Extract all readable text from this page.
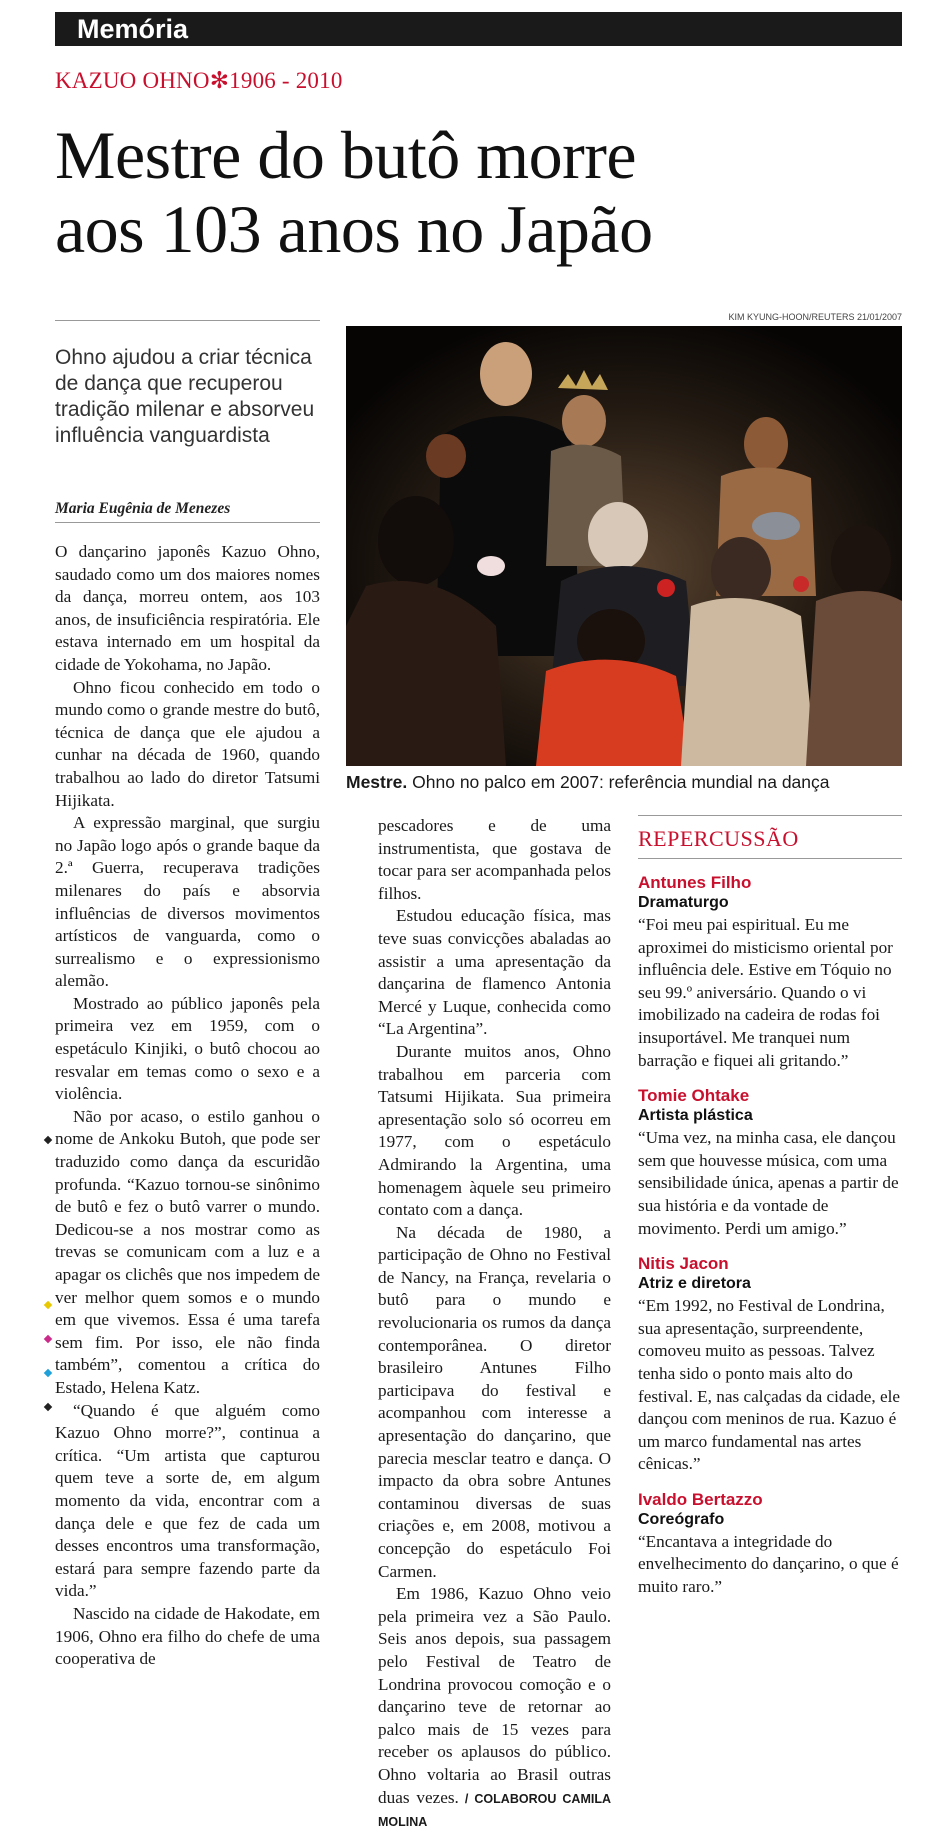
Memória
KAZUO OHNO✻1906 - 2010
Mestre do butô morre
aos 103 anos no Japão
Ohno ajudou a criar técnica de dança que recuperou tradição milenar e absorveu influência vanguardista
Maria Eugênia de Menezes
KIM KYUNG-HOON/REUTERS 21/01/2007
Mestre. Ohno no palco em 2007: referência mundial na dança

O dançarino japonês Kazuo Ohno, saudado como um dos maiores nomes da dança, morreu ontem, aos 103 anos, de insuficiência respiratória. Ele estava internado em um hospital da cidade de Yokohama, no Japão.

Ohno ficou conhecido em todo o mundo como o grande mestre do butô, técnica de dança que ele ajudou a cunhar na década de 1960, quando trabalhou ao lado do diretor Tatsumi Hijikata.

A expressão marginal, que surgiu no Japão logo após o grande baque da 2.ª Guerra, recuperava tradições milenares do país e absorvia influências de diversos movimentos artísticos de vanguarda, como o surrealismo e o expressionismo alemão.

Mostrado ao público japonês pela primeira vez em 1959, com o espetáculo Kinjiki, o butô chocou ao resvalar em temas como o sexo e a violência.

Não por acaso, o estilo ganhou o nome de Ankoku Butoh, que pode ser traduzido como dança da escuridão profunda. “Kazuo tornou-se sinônimo de butô e fez o butô varrer o mundo. Dedicou-se a nos mostrar como as trevas se comunicam com a luz e a apagar os clichês que nos impedem de ver melhor quem somos e o mundo em que vivemos. Essa é uma tarefa sem fim. Por isso, ele não finda também”, comentou a crítica do Estado, Helena Katz.

“Quando é que alguém como Kazuo Ohno morre?”, continua a crítica. “Um artista que capturou quem teve a sorte de, em algum momento da vida, encontrar com a dança dele e que fez de cada um desses encontros uma transformação, estará para sempre fazendo parte da vida.”

Nascido na cidade de Hakodate, em 1906, Ohno era filho do chefe de uma cooperativa de

pescadores e de uma instrumentista, que gostava de tocar para ser acompanhada pelos filhos.

Estudou educação física, mas teve suas convicções abaladas ao assistir a uma apresentação da dançarina de flamenco Antonia Mercé y Luque, conhecida como “La Argentina”.

Durante muitos anos, Ohno trabalhou em parceria com Tatsumi Hijikata. Sua primeira apresentação solo só ocorreu em 1977, com o espetáculo Admirando la Argentina, uma homenagem àquele seu primeiro contato com a dança.

Na década de 1980, a participação de Ohno no Festival de Nancy, na França, revelaria o butô para o mundo e revolucionaria os rumos da dança contemporânea. O diretor brasileiro Antunes Filho participava do festival e acompanhou com interesse a apresentação do dançarino, que parecia mesclar teatro e dança. O impacto da obra sobre Antunes contaminou diversas de suas criações e, em 2008, motivou a concepção do espetáculo Foi Carmen.

Em 1986, Kazuo Ohno veio pela primeira vez a São Paulo. Seis anos depois, sua passagem pelo Festival de Teatro de Londrina provocou comoção e o dançarino teve de retornar ao palco mais de 15 vezes para receber os aplausos do público. Ohno voltaria ao Brasil outras duas vezes. / COLABOROU CAMILA MOLINA

REPERCUSSÃO
Antunes Filho
Dramaturgo
“Foi meu pai espiritual. Eu me aproximei do misticismo oriental por influência dele. Estive em Tóquio no seu 99.º aniversário. Quando o vi imobilizado na cadeira de rodas foi insuportável. Me tranquei num barração e fiquei ali gritando.”
Tomie Ohtake
Artista plástica
“Uma vez, na minha casa, ele dançou sem que houvesse música, com uma sensibilidade única, apenas a partir de sua história e da vontade de movimento. Perdi um amigo.”
Nitis Jacon
Atriz e diretora
“Em 1992, no Festival de Londrina, sua apresentação, surpreendente, comoveu muito as pessoas. Talvez tenha sido o ponto mais alto do festival. E, nas calçadas da cidade, ele dançou com meninos de rua. Kazuo é um marco fundamental nas artes cênicas.”
Ivaldo Bertazzo
Coreógrafo
“Encantava a integridade do envelhecimento do dançarino, o que é muito raro.”
